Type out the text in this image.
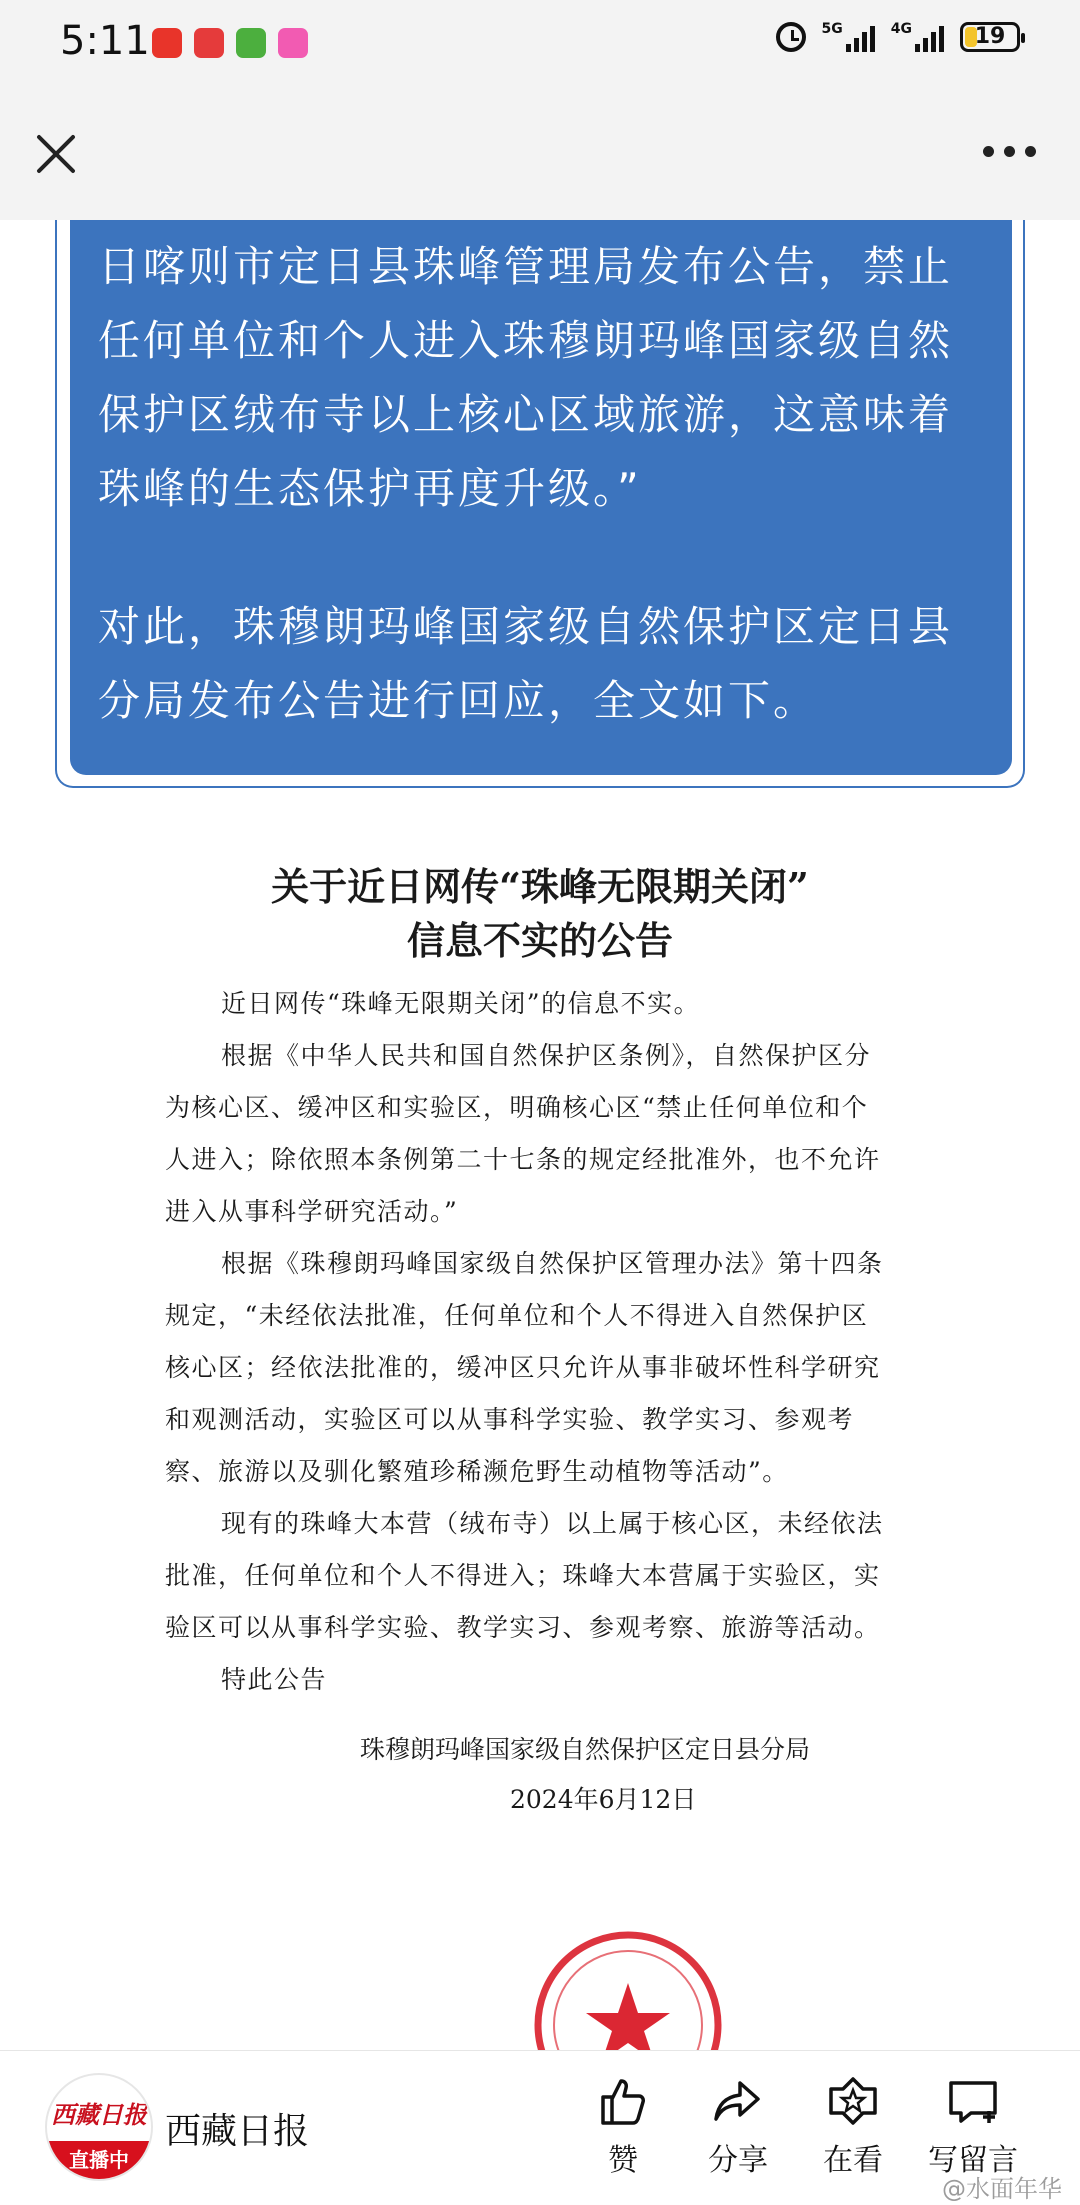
5:11	5G	4G	19

日喀则市定日县珠峰管理局发布公告，禁止任何单位和个人进入珠穆朗玛峰国家级自然保护区绒布寺以上核心区域旅游，这意味着珠峰的生态保护再度升级。”

对此，珠穆朗玛峰国家级自然保护区定日县分局发布公告进行回应，全文如下。

关于近日网传“珠峰无限期关闭”
信息不实的公告

近日网传“珠峰无限期关闭”的信息不实。

根据《中华人民共和国自然保护区条例》，自然保护区分为核心区、缓冲区和实验区，明确核心区“禁止任何单位和个人进入；除依照本条例第二十七条的规定经批准外，也不允许进入从事科学研究活动。”

根据《珠穆朗玛峰国家级自然保护区管理办法》第十四条规定，“未经依法批准，任何单位和个人不得进入自然保护区核心区；经依法批准的，缓冲区只允许从事非破坏性科学研究和观测活动，实验区可以从事科学实验、教学实习、参观考察、旅游以及驯化繁殖珍稀濒危野生动植物等活动”。

现有的珠峰大本营（绒布寺）以上属于核心区，未经依法批准，任何单位和个人不得进入；珠峰大本营属于实验区，实验区可以从事科学实验、教学实习、参观考察、旅游等活动。

特此公告

珠穆朗玛峰国家级自然保护区定日县分局
2024年6月12日
西藏日报
直播中
西藏日报
赞	分享	在看	写留言
@水面年华
